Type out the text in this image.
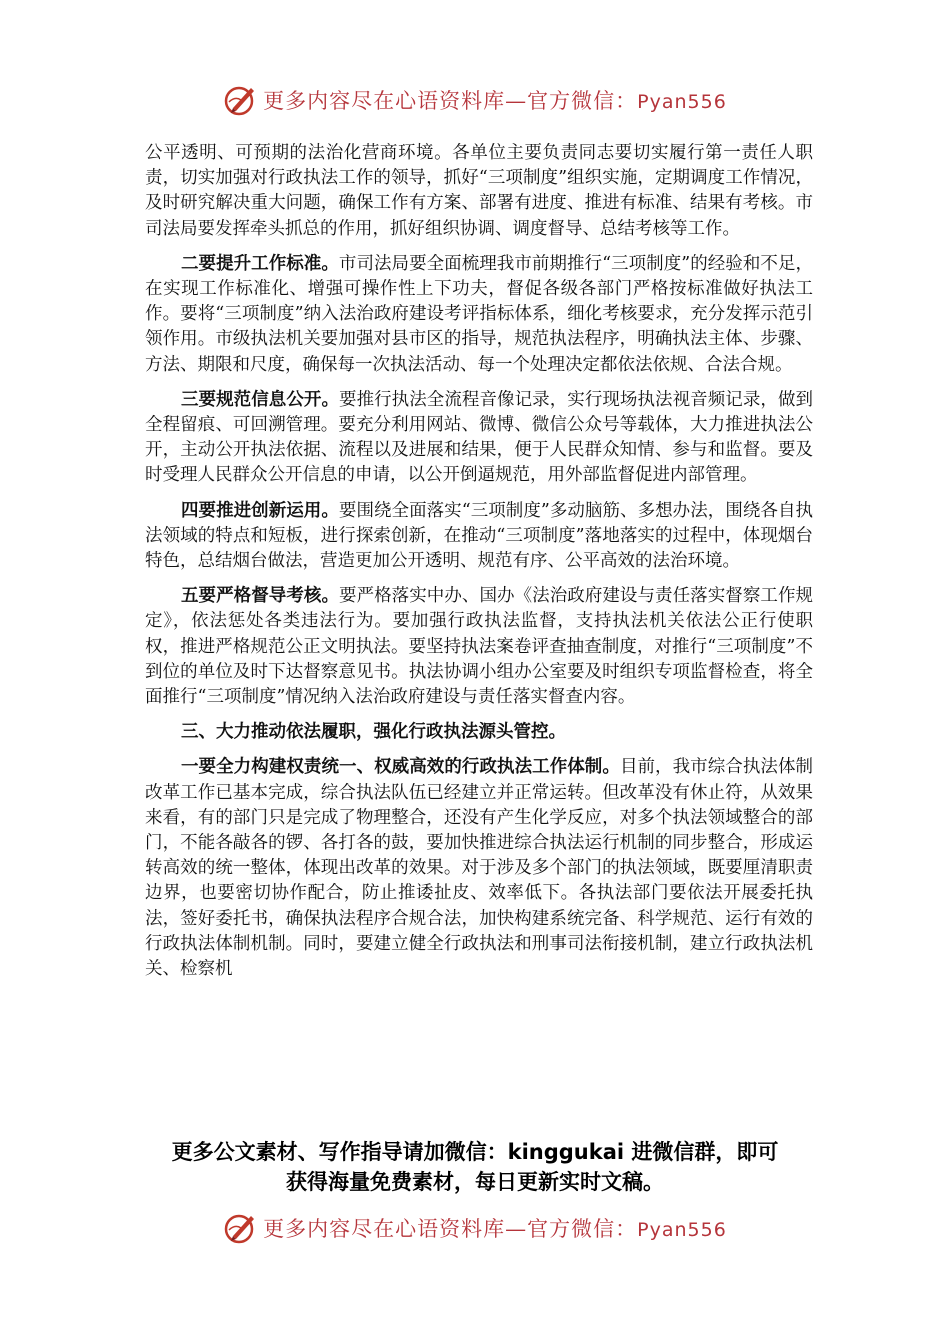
更多内容尽在心语资料库—官方微信：Pyan556

公平透明、可预期的法治化营商环境。各单位主要负责同志要切实履行第一责任人职责，切实加强对行政执法工作的领导，抓好“三项制度”组织实施，定期调度工作情况，及时研究解决重大问题，确保工作有方案、部署有进度、推进有标准、结果有考核。市司法局要发挥牵头抓总的作用，抓好组织协调、调度督导、总结考核等工作。

二要提升工作标准。市司法局要全面梳理我市前期推行“三项制度”的经验和不足，在实现工作标准化、增强可操作性上下功夫，督促各级各部门严格按标准做好执法工作。要将“三项制度”纳入法治政府建设考评指标体系，细化考核要求，充分发挥示范引领作用。市级执法机关要加强对县市区的指导，规范执法程序，明确执法主体、步骤、方法、期限和尺度，确保每一次执法活动、每一个处理决定都依法依规、合法合规。

三要规范信息公开。要推行执法全流程音像记录，实行现场执法视音频记录，做到全程留痕、可回溯管理。要充分利用网站、微博、微信公众号等载体，大力推进执法公开，主动公开执法依据、流程以及进展和结果，便于人民群众知情、参与和监督。要及时受理人民群众公开信息的申请，以公开倒逼规范，用外部监督促进内部管理。

四要推进创新运用。要围绕全面落实“三项制度”多动脑筋、多想办法，围绕各自执法领域的特点和短板，进行探索创新，在推动“三项制度”落地落实的过程中，体现烟台特色，总结烟台做法，营造更加公开透明、规范有序、公平高效的法治环境。

五要严格督导考核。要严格落实中办、国办《法治政府建设与责任落实督察工作规定》，依法惩处各类违法行为。要加强行政执法监督，支持执法机关依法公正行使职权，推进严格规范公正文明执法。要坚持执法案卷评查抽查制度，对推行“三项制度”不到位的单位及时下达督察意见书。执法协调小组办公室要及时组织专项监督检查，将全面推行“三项制度”情况纳入法治政府建设与责任落实督查内容。

三、大力推动依法履职，强化行政执法源头管控。

一要全力构建权责统一、权威高效的行政执法工作体制。目前，我市综合执法体制改革工作已基本完成，综合执法队伍已经建立并正常运转。但改革没有休止符，从效果来看，有的部门只是完成了物理整合，还没有产生化学反应，对多个执法领域整合的部门，不能各敲各的锣、各打各的鼓，要加快推进综合执法运行机制的同步整合，形成运转高效的统一整体，体现出改革的效果。对于涉及多个部门的执法领域，既要厘清职责边界，也要密切协作配合，防止推诿扯皮、效率低下。各执法部门要依法开展委托执法，签好委托书，确保执法程序合规合法，加快构建系统完备、科学规范、运行有效的行政执法体制机制。同时，要建立健全行政执法和刑事司法衔接机制，建立行政执法机关、检察机

更多公文素材、写作指导请加微信：kinggukai 进微信群，即可
获得海量免费素材，每日更新实时文稿。
更多内容尽在心语资料库—官方微信：Pyan556
